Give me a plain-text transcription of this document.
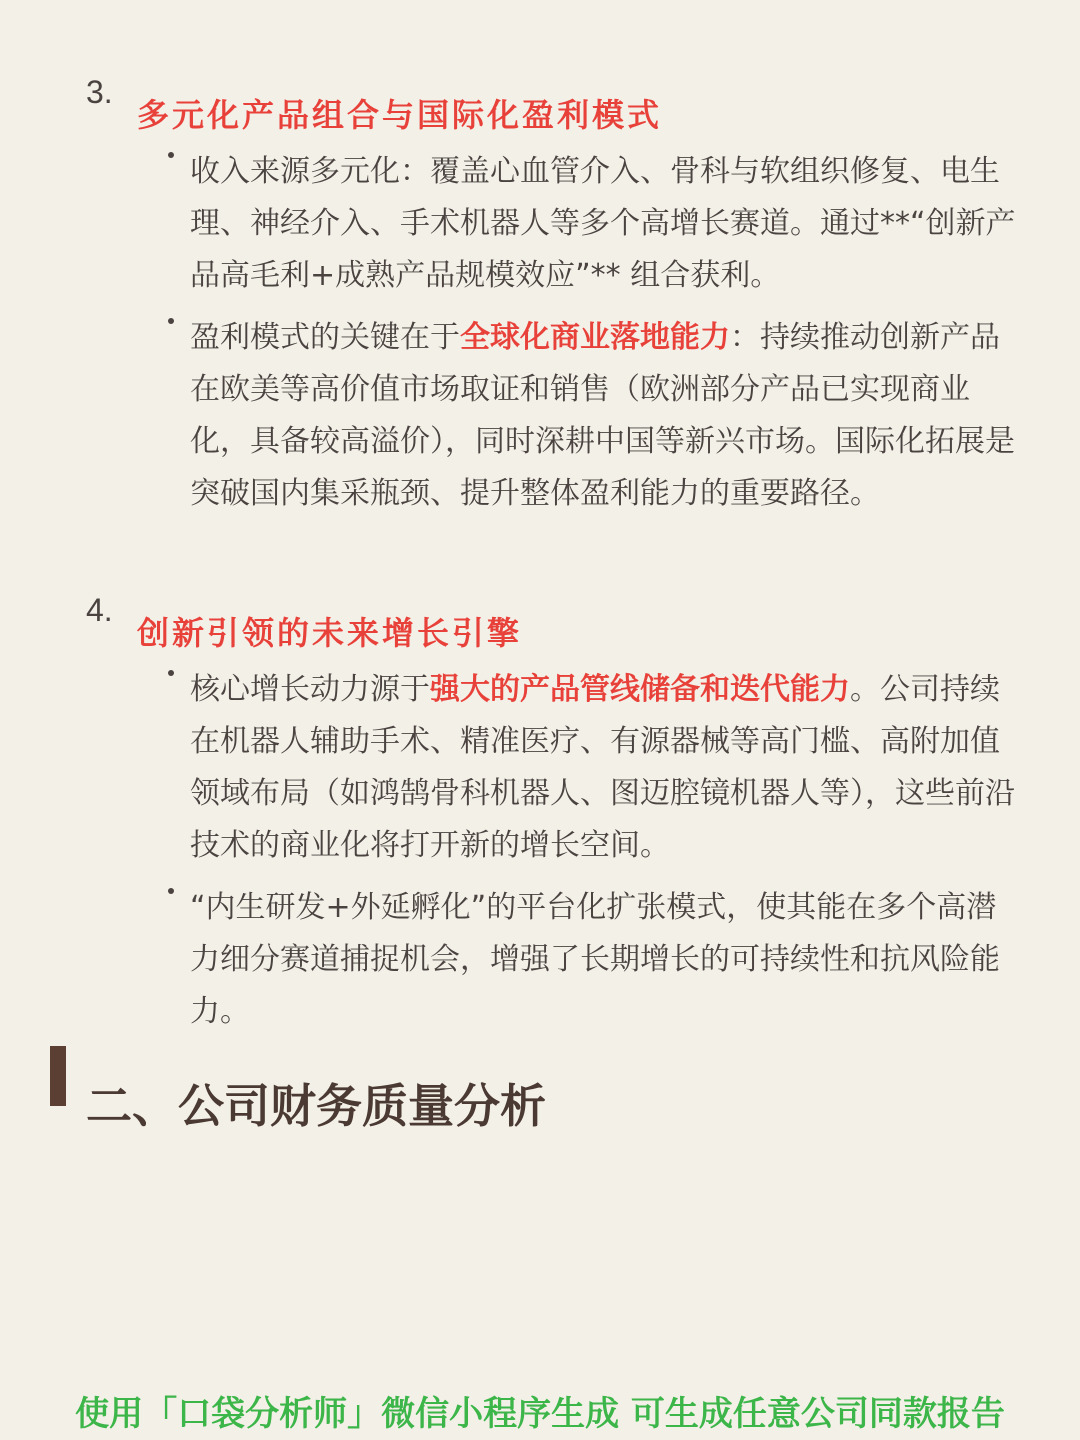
3.
多元化产品组合与国际化盈利模式
收入来源多元化：覆盖心血管介入、骨科与软组织修复、电生理、神经介入、手术机器人等多个高增长赛道。通过**“创新产品高毛利+成熟产品规模效应”** 组合获利。
盈利模式的关键在于全球化商业落地能力：持续推动创新产品在欧美等高价值市场取证和销售（欧洲部分产品已实现商业化，具备较高溢价），同时深耕中国等新兴市场。国际化拓展是突破国内集采瓶颈、提升整体盈利能力的重要路径。
4.
创新引领的未来增长引擎
核心增长动力源于强大的产品管线储备和迭代能力。公司持续在机器人辅助手术、精准医疗、有源器械等高门槛、高附加值领域布局（如鸿鹄骨科机器人、图迈腔镜机器人等），这些前沿技术的商业化将打开新的增长空间。
“内生研发+外延孵化”的平台化扩张模式，使其能在多个高潜力细分赛道捕捉机会，增强了长期增长的可持续性和抗风险能力。
二、公司财务质量分析
使用「口袋分析师」微信小程序生成 可生成任意公司同款报告
